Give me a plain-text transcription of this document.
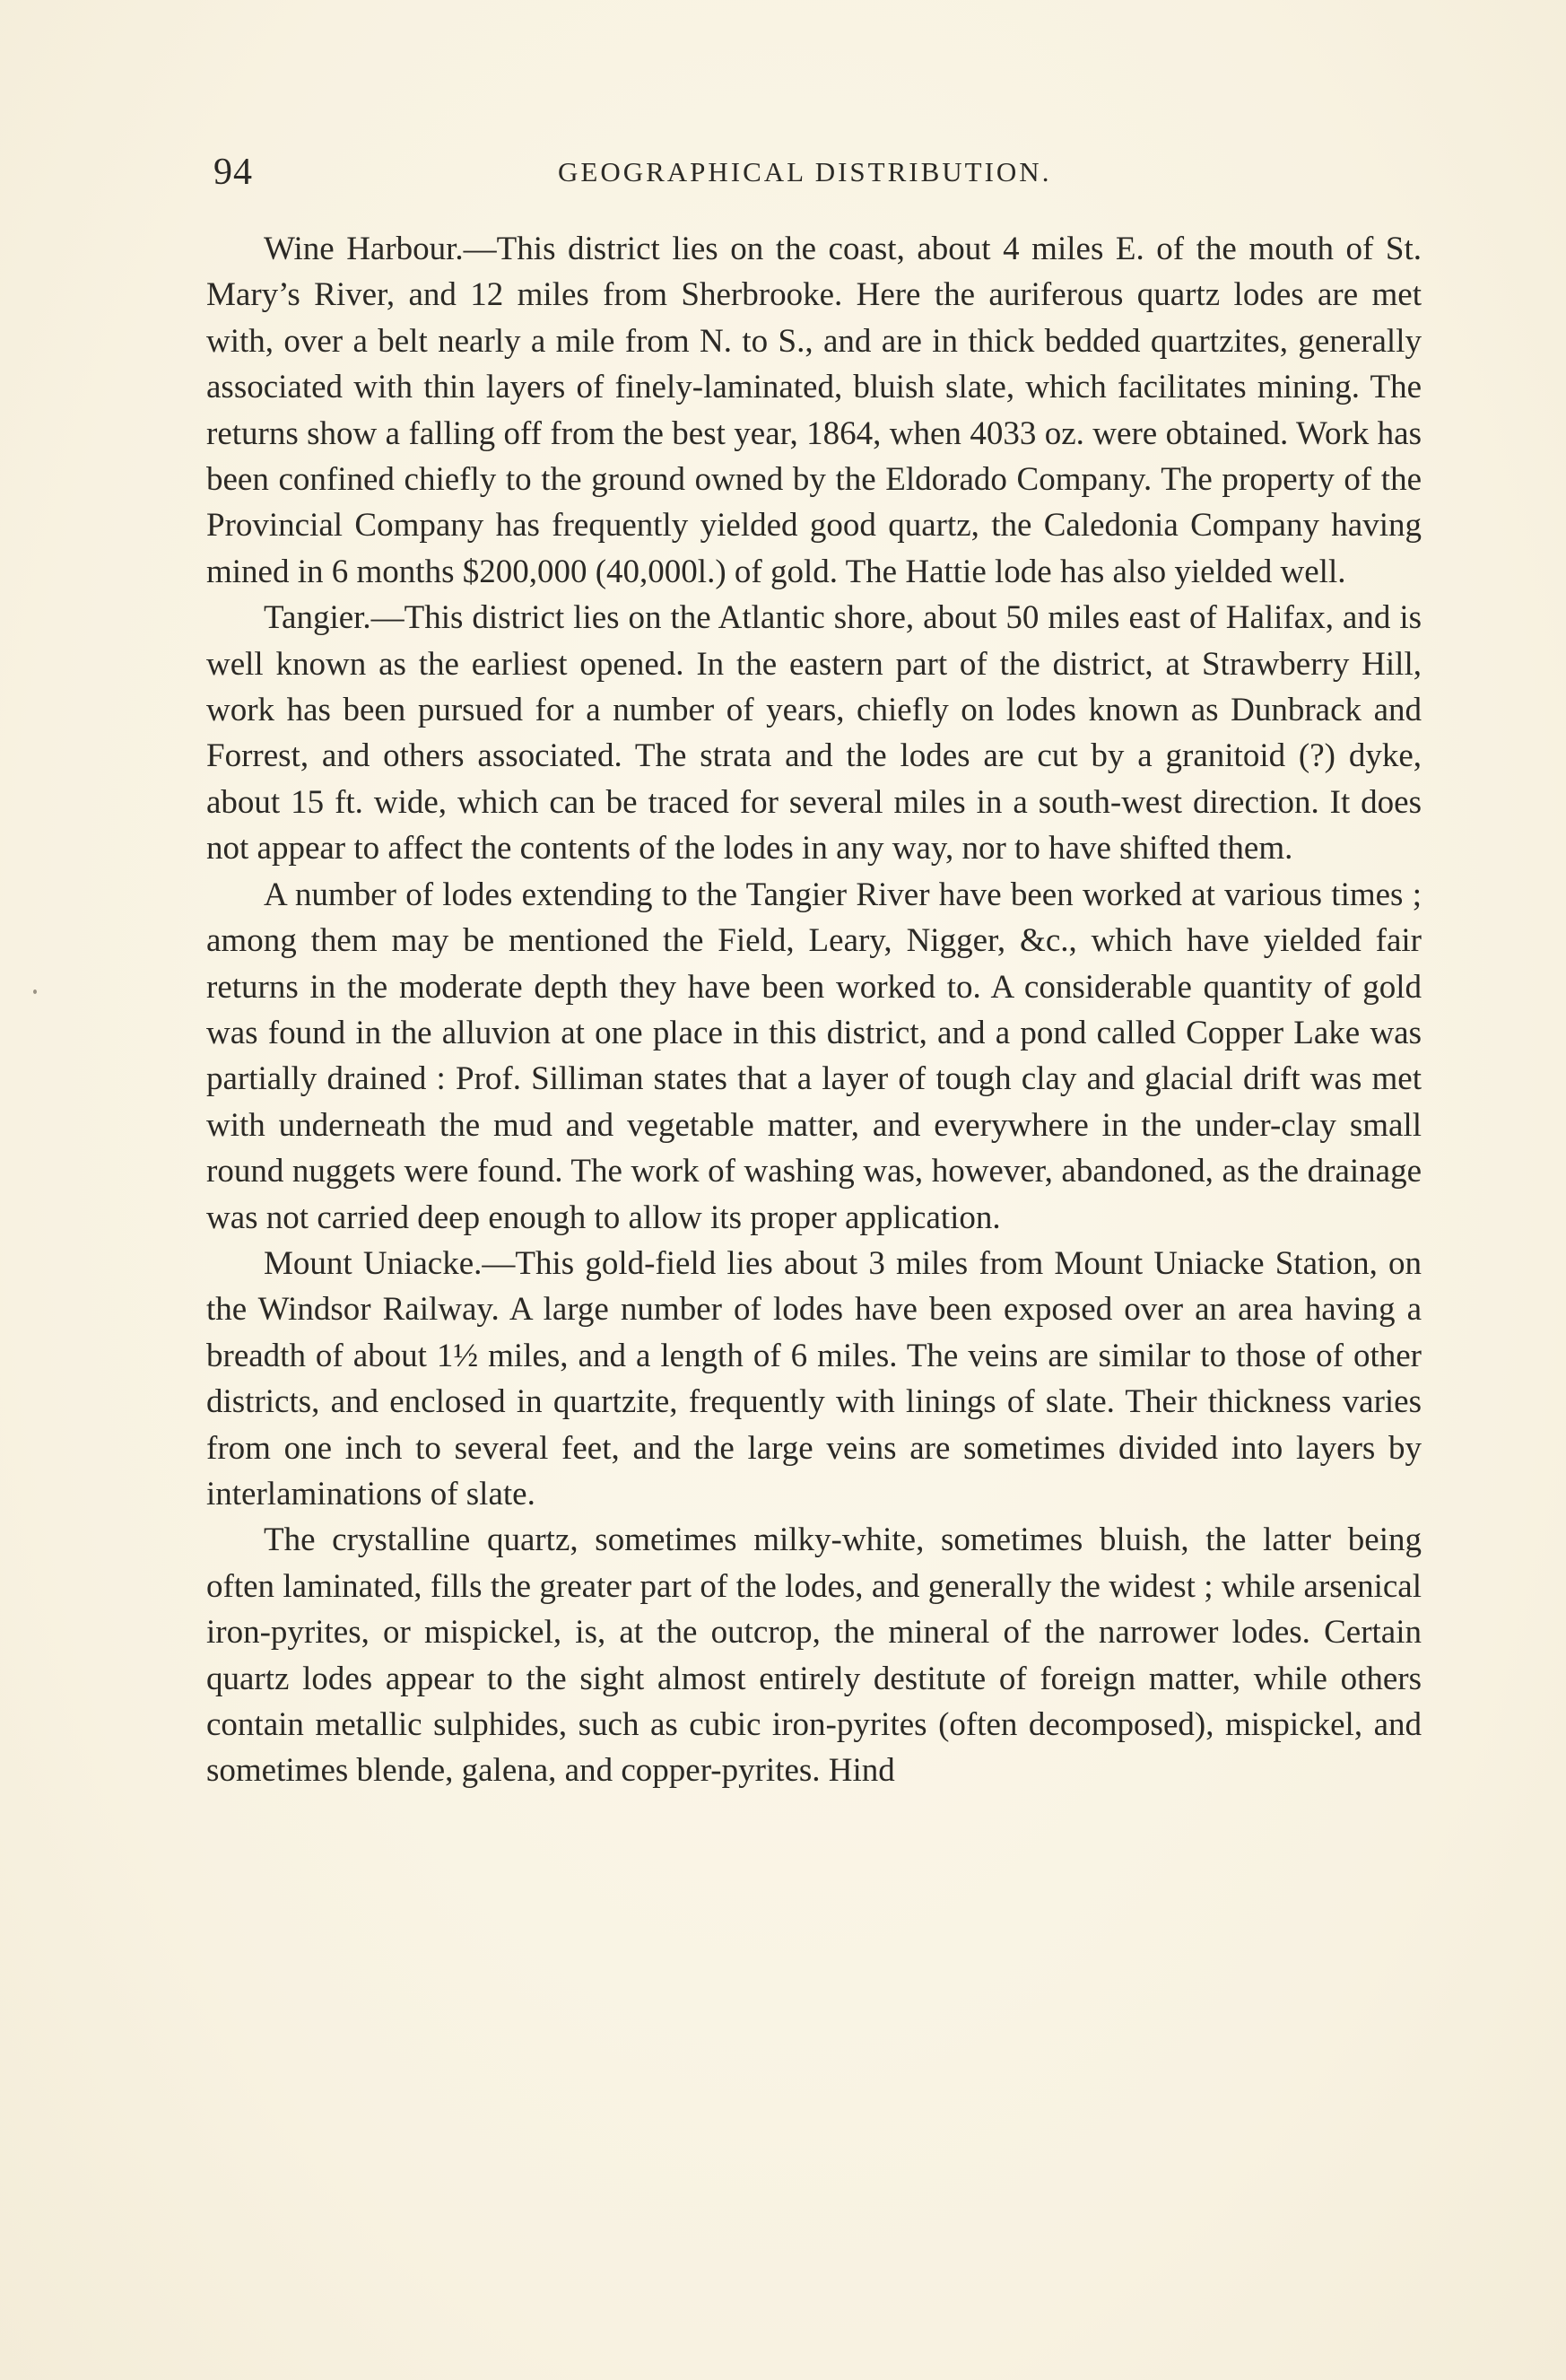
94	GEOGRAPHICAL DISTRIBUTION.

Wine Harbour.—This district lies on the coast, about 4 miles E. of the mouth of St. Mary’s River, and 12 miles from Sherbrooke. Here the auriferous quartz lodes are met with, over a belt nearly a mile from N. to S., and are in thick bedded quartzites, generally associated with thin layers of finely-laminated, bluish slate, which facilitates mining. The returns show a falling off from the best year, 1864, when 4033 oz. were obtained. Work has been confined chiefly to the ground owned by the Eldorado Company. The property of the Provincial Company has frequently yielded good quartz, the Caledonia Company having mined in 6 months $200,000 (40,000l.) of gold. The Hattie lode has also yielded well.

Tangier.—This district lies on the Atlantic shore, about 50 miles east of Halifax, and is well known as the earliest opened. In the eastern part of the district, at Strawberry Hill, work has been pursued for a number of years, chiefly on lodes known as Dunbrack and Forrest, and others associated. The strata and the lodes are cut by a granitoid (?) dyke, about 15 ft. wide, which can be traced for several miles in a south-west direction. It does not appear to affect the contents of the lodes in any way, nor to have shifted them.

A number of lodes extending to the Tangier River have been worked at various times ; among them may be mentioned the Field, Leary, Nigger, &c., which have yielded fair returns in the moderate depth they have been worked to. A considerable quantity of gold was found in the alluvion at one place in this district, and a pond called Copper Lake was partially drained : Prof. Silliman states that a layer of tough clay and glacial drift was met with underneath the mud and vegetable matter, and everywhere in the under-clay small round nuggets were found. The work of washing was, however, abandoned, as the drainage was not carried deep enough to allow its proper application.

Mount Uniacke.—This gold-field lies about 3 miles from Mount Uniacke Station, on the Windsor Railway. A large number of lodes have been exposed over an area having a breadth of about 1½ miles, and a length of 6 miles. The veins are similar to those of other districts, and enclosed in quartzite, frequently with linings of slate. Their thickness varies from one inch to several feet, and the large veins are sometimes divided into layers by interlaminations of slate.

The crystalline quartz, sometimes milky-white, sometimes bluish, the latter being often laminated, fills the greater part of the lodes, and generally the widest ; while arsenical iron-pyrites, or mispickel, is, at the outcrop, the mineral of the narrower lodes. Certain quartz lodes appear to the sight almost entirely destitute of foreign matter, while others contain metallic sulphides, such as cubic iron-pyrites (often decomposed), mispickel, and sometimes blende, galena, and copper-pyrites. Hind
